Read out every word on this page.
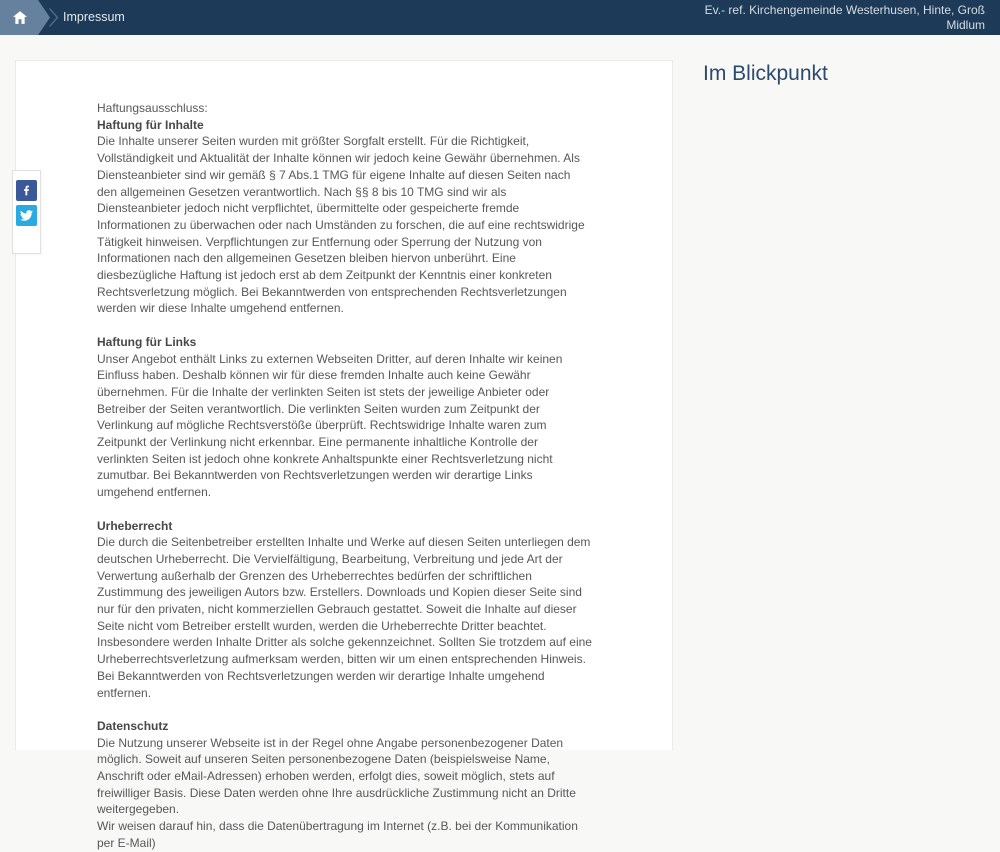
Impressum	Ev.- ref. Kirchengemeinde Westerhusen, Hinte, Groß
Midlum

Haftungsausschluss:

Haftung für Inhalte

Die Inhalte unserer Seiten wurden mit größter Sorgfalt erstellt. Für die Richtigkeit, Vollständigkeit und Aktualität der Inhalte können wir jedoch keine Gewähr übernehmen. Als Diensteanbieter sind wir gemäß § 7 Abs.1 TMG für eigene Inhalte auf diesen Seiten nach den allgemeinen Gesetzen verantwortlich. Nach §§ 8 bis 10 TMG sind wir als Diensteanbieter jedoch nicht verpflichtet, übermittelte oder gespeicherte fremde Informationen zu überwachen oder nach Umständen zu forschen, die auf eine rechtswidrige Tätigkeit hinweisen. Verpflichtungen zur Entfernung oder Sperrung der Nutzung von Informationen nach den allgemeinen Gesetzen bleiben hiervon unberührt. Eine diesbezügliche Haftung ist jedoch erst ab dem Zeitpunkt der Kenntnis einer konkreten Rechtsverletzung möglich. Bei Bekanntwerden von entsprechenden Rechtsverletzungen werden wir diese Inhalte umgehend entfernen.

Haftung für Links

Unser Angebot enthält Links zu externen Webseiten Dritter, auf deren Inhalte wir keinen Einfluss haben. Deshalb können wir für diese fremden Inhalte auch keine Gewähr übernehmen. Für die Inhalte der verlinkten Seiten ist stets der jeweilige Anbieter oder Betreiber der Seiten verantwortlich. Die verlinkten Seiten wurden zum Zeitpunkt der Verlinkung auf mögliche Rechtsverstöße überprüft. Rechtswidrige Inhalte waren zum Zeitpunkt der Verlinkung nicht erkennbar. Eine permanente inhaltliche Kontrolle der verlinkten Seiten ist jedoch ohne konkrete Anhaltspunkte einer Rechtsverletzung nicht zumutbar. Bei Bekanntwerden von Rechtsverletzungen werden wir derartige Links umgehend entfernen.

Urheberrecht

Die durch die Seitenbetreiber erstellten Inhalte und Werke auf diesen Seiten unterliegen dem deutschen Urheberrecht. Die Vervielfältigung, Bearbeitung, Verbreitung und jede Art der Verwertung außerhalb der Grenzen des Urheberrechtes bedürfen der schriftlichen Zustimmung des jeweiligen Autors bzw. Erstellers. Downloads und Kopien dieser Seite sind nur für den privaten, nicht kommerziellen Gebrauch gestattet. Soweit die Inhalte auf dieser Seite nicht vom Betreiber erstellt wurden, werden die Urheberrechte Dritter beachtet. Insbesondere werden Inhalte Dritter als solche gekennzeichnet. Sollten Sie trotzdem auf eine Urheberrechtsverletzung aufmerksam werden, bitten wir um einen entsprechenden Hinweis. Bei Bekanntwerden von Rechtsverletzungen werden wir derartige Inhalte umgehend entfernen.

Datenschutz

Die Nutzung unserer Webseite ist in der Regel ohne Angabe personenbezogener Daten möglich. Soweit auf unseren Seiten personenbezogene Daten (beispielsweise Name, Anschrift oder eMail-Adressen) erhoben werden, erfolgt dies, soweit möglich, stets auf freiwilliger Basis. Diese Daten werden ohne Ihre ausdrückliche Zustimmung nicht an Dritte weitergegeben.

Wir weisen darauf hin, dass die Datenübertragung im Internet (z.B. bei der Kommunikation per E-Mail)

Im Blickpunkt
